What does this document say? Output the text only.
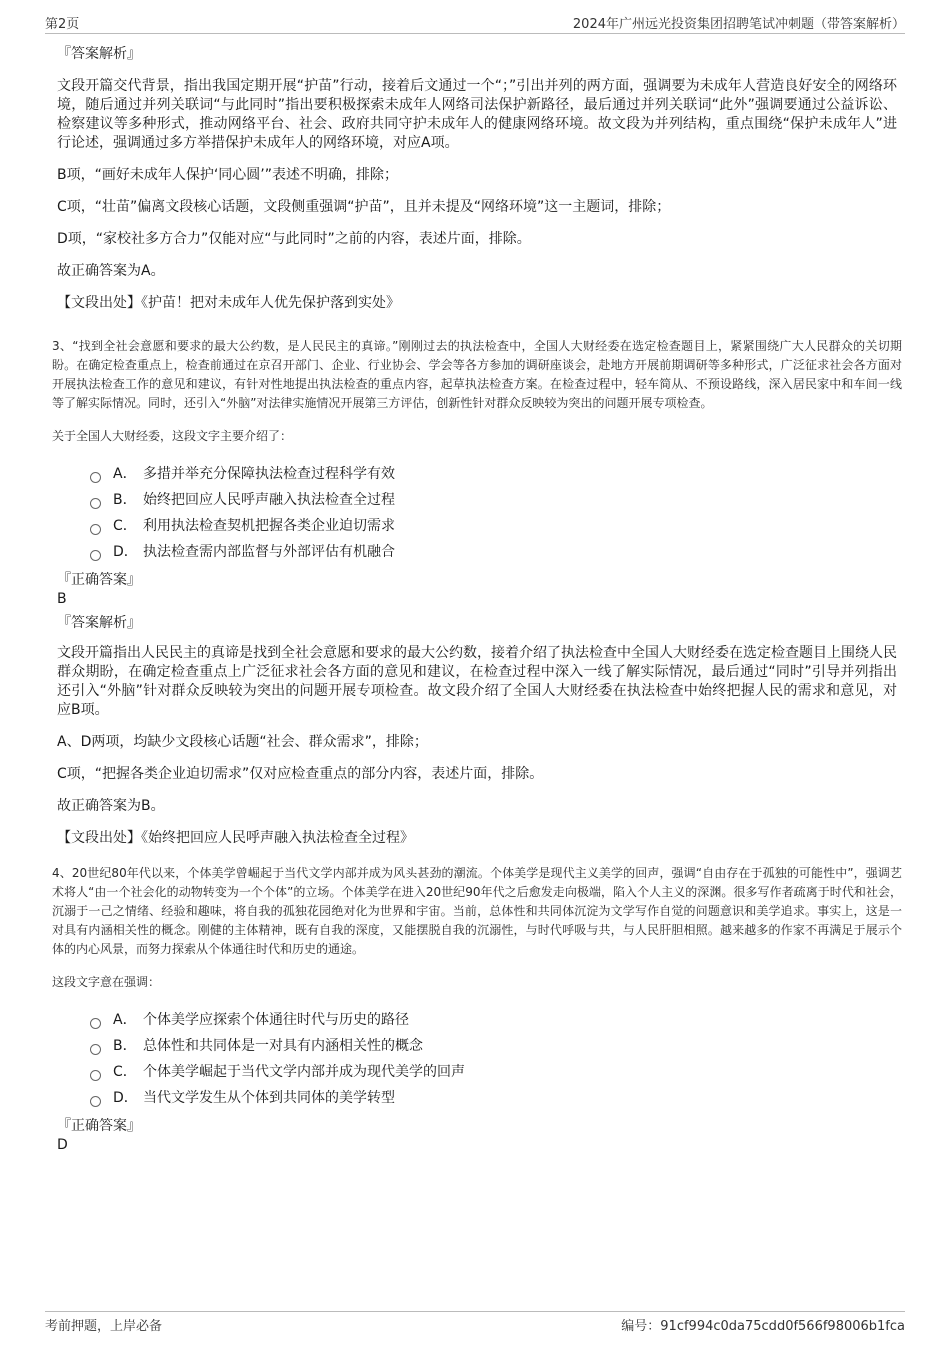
第2页	2024年广州远光投资集团招聘笔试冲刺题（带答案解析）

『答案解析』

文段开篇交代背景，指出我国定期开展“护苗”行动，接着后文通过一个“；”引出并列的两方面，强调要为未成年人营造良好安全的网络环境，随后通过并列关联词“与此同时”指出要积极探索未成年人网络司法保护新路径，最后通过并列关联词“此外”强调要通过公益诉讼、检察建议等多种形式，推动网络平台、社会、政府共同守护未成年人的健康网络环境。故文段为并列结构，重点围绕“保护未成年人”进行论述，强调通过多方举措保护未成年人的网络环境，对应A项。

B项，“画好未成年人保护‘同心圆’”表述不明确，排除；

C项，“壮苗”偏离文段核心话题，文段侧重强调“护苗”，且并未提及“网络环境”这一主题词，排除；

D项，“家校社多方合力”仅能对应“与此同时”之前的内容，表述片面，排除。

故正确答案为A。

【文段出处】《护苗！把对未成年人优先保护落到实处》

3、“找到全社会意愿和要求的最大公约数，是人民民主的真谛。”刚刚过去的执法检查中，全国人大财经委在选定检查题目上，紧紧围绕广大人民群众的关切期盼。在确定检查重点上，检查前通过在京召开部门、企业、行业协会、学会等各方参加的调研座谈会，赴地方开展前期调研等多种形式，广泛征求社会各方面对开展执法检查工作的意见和建议，有针对性地提出执法检查的重点内容，起草执法检查方案。在检查过程中，轻车简从、不预设路线，深入居民家中和车间一线等了解实际情况。同时，还引入“外脑”对法律实施情况开展第三方评估，创新性针对群众反映较为突出的问题开展专项检查。

关于全国人大财经委，这段文字主要介绍了：

A． 多措并举充分保障执法检查过程科学有效
B． 始终把回应人民呼声融入执法检查全过程
C． 利用执法检查契机把握各类企业迫切需求
D． 执法检查需内部监督与外部评估有机融合

『正确答案』

B

『答案解析』

文段开篇指出人民民主的真谛是找到全社会意愿和要求的最大公约数，接着介绍了执法检查中全国人大财经委在选定检查题目上围绕人民群众期盼，在确定检查重点上广泛征求社会各方面的意见和建议，在检查过程中深入一线了解实际情况，最后通过“同时”引导并列指出还引入“外脑”针对群众反映较为突出的问题开展专项检查。故文段介绍了全国人大财经委在执法检查中始终把握人民的需求和意见，对应B项。

A、D两项，均缺少文段核心话题“社会、群众需求”，排除；

C项，“把握各类企业迫切需求”仅对应检查重点的部分内容，表述片面，排除。

故正确答案为B。

【文段出处】《始终把回应人民呼声融入执法检查全过程》

4、20世纪80年代以来，个体美学曾崛起于当代文学内部并成为风头甚劲的潮流。个体美学是现代主义美学的回声，强调“自由存在于孤独的可能性中”，强调艺术将人“由一个社会化的动物转变为一个个体”的立场。个体美学在进入20世纪90年代之后愈发走向极端，陷入个人主义的深渊。很多写作者疏离于时代和社会，沉溺于一己之情绪、经验和趣味，将自我的孤独花园绝对化为世界和宇宙。当前，总体性和共同体沉淀为文学写作自觉的问题意识和美学追求。事实上，这是一对具有内涵相关性的概念。刚健的主体精神，既有自我的深度，又能摆脱自我的沉溺性，与时代呼吸与共，与人民肝胆相照。越来越多的作家不再满足于展示个体的内心风景，而努力探索从个体通往时代和历史的通途。

这段文字意在强调：

A． 个体美学应探索个体通往时代与历史的路径
B． 总体性和共同体是一对具有内涵相关性的概念
C． 个体美学崛起于当代文学内部并成为现代美学的回声
D． 当代文学发生从个体到共同体的美学转型

『正确答案』

D

考前押题，上岸必备	编号：91cf994c0da75cdd0f566f98006b1fca
